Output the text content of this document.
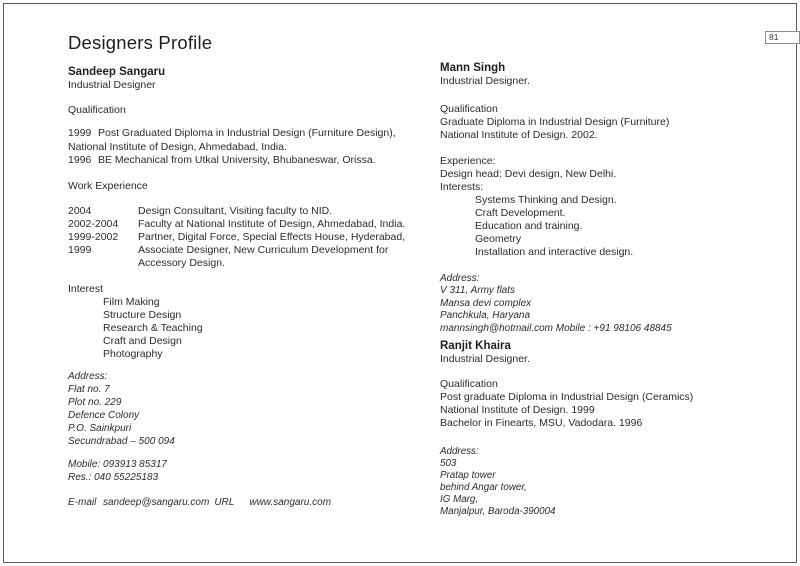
81
Designers Profile
Sandeep Sangaru
Industrial Designer
Qualification
1999 Post Graduated Diploma in Industrial Design (Furniture Design),
National Institute of Design, Ahmedabad, India.
1996 BE Mechanical from Utkal University, Bhubaneswar, Orissa.
Work Experience
2004	Design Consultant, Visiting faculty to NID.
2002-2004	Faculty at National Institute of Design, Ahmedabad, India.
1999-2002	Partner, Digital Force, Special Effects House, Hyderabad,
1999	Associate Designer, New Curriculum Development for
Accessory Design.
Interest
Film Making
Structure Design
Research & Teaching
Craft and Design
Photography
Address:
Flat no. 7
Plot no. 229
Defence Colony
P.O. Sainkpuri
Secundrabad – 500 094
Mobile: 093913 85317
Res.: 040 55225183
E-mail sandeep@sangaru.com URL www.sangaru.com
Mann Singh
Industrial Designer.
Qualification
Graduate Diploma in Industrial Design (Furniture)
National Institute of Design. 2002.
Experience:
Design head: Devi design, New Delhi.
Interests:
Systems Thinking and Design.
Craft Development.
Education and training.
Geometry
Installation and interactive design.
Address:
V 311, Army flats
Mansa devi complex
Panchkula, Haryana
mannsingh@hotmail.com Mobile : +91 98106 48845
Ranjit Khaira
Industrial Designer.
Qualification
Post graduate Diploma in Industrial Design (Ceramics)
National Institute of Design. 1999
Bachelor in Finearts, MSU, Vadodara. 1996
Address:
503
Pratap tower
behind Angar tower,
IG Marg,
Manjalpur, Baroda-390004
